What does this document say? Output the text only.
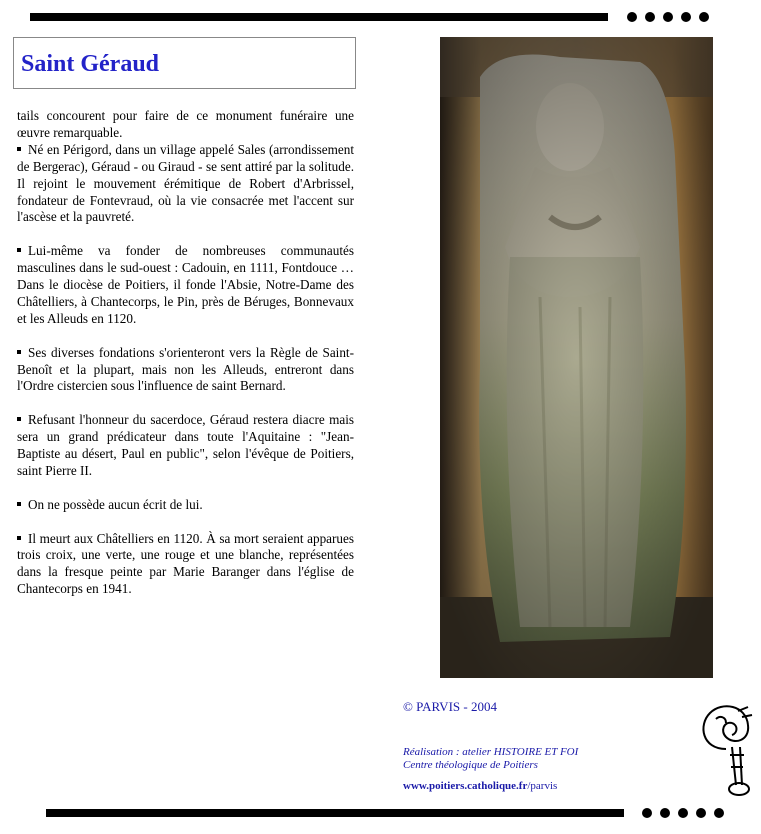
Saint Géraud

tails concourent pour faire de ce monument funéraire une œuvre remarquable.

Né en Périgord, dans un village appelé Sales (arrondissement de Bergerac), Géraud - ou Giraud - se sent attiré par la solitude. Il rejoint le mouvement érémitique de Robert d'Arbrissel, fondateur de Fontevraud, où la vie consacrée met l'accent sur l'ascèse et la pauvreté.

Lui-même va fonder de nombreuses communautés masculines dans le sud-ouest : Cadouin, en 1111, Fontdouce … Dans le diocèse de Poitiers, il fonde l'Absie, Notre-Dame des Châtelliers, à Chantecorps, le Pin, près de Béruges, Bonnevaux et les Alleuds en 1120.

Ses diverses fondations s'orienteront vers la Règle de Saint-Benoît et la plupart, mais non les Alleuds, entreront dans l'Ordre cistercien sous l'influence de saint Bernard.

Refusant l'honneur du sacerdoce, Géraud restera diacre mais sera un grand prédicateur dans toute l'Aquitaine : "Jean-Baptiste au désert, Paul en public", selon l'évêque de Poitiers, saint Pierre II.

On ne possède aucun écrit de lui.

Il meurt aux Châtelliers en 1120. À sa mort seraient apparues trois croix, une verte, une rouge et une blanche, représentées dans la fresque peinte par Marie Baranger dans l'église de Chantecorps en 1941.

© PARVIS - 2004
Réalisation : atelier HISTOIRE ET FOI
Centre théologique de Poitiers
www.poitiers.catholique.fr/parvis
